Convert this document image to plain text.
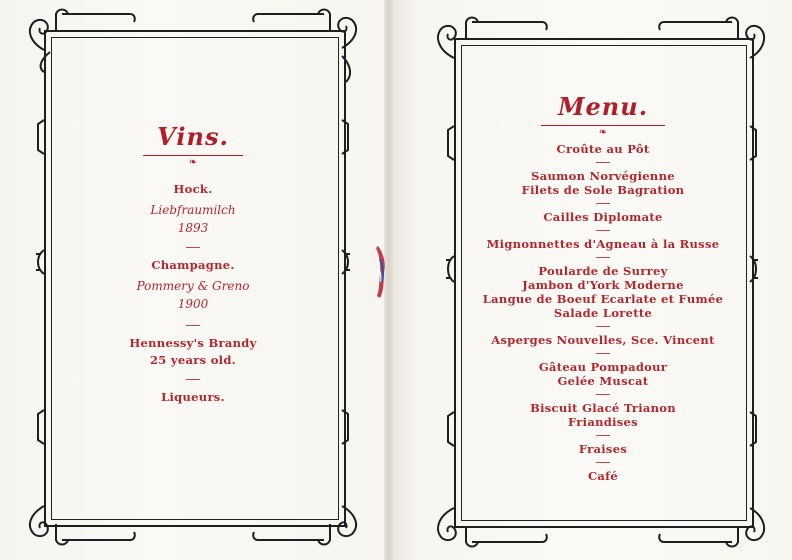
Vins.
❧
Hock.
Liebfraumilch
1893
Champagne.
Pommery & Greno
1900
Hennessy's Brandy
25 years old.
Liqueurs.
Menu.
❧
Croûte au Pôt
Saumon Norvégienne
Filets de Sole Bagration
Cailles Diplomate
Mignonnettes d'Agneau à la Russe
Poularde de Surrey
Jambon d'York Moderne
Langue de Boeuf Ecarlate et Fumée
Salade Lorette
Asperges Nouvelles, Sce. Vincent
Gâteau Pompadour
Gelée Muscat
Biscuit Glacé Trianon
Friandises
Fraises
Café
